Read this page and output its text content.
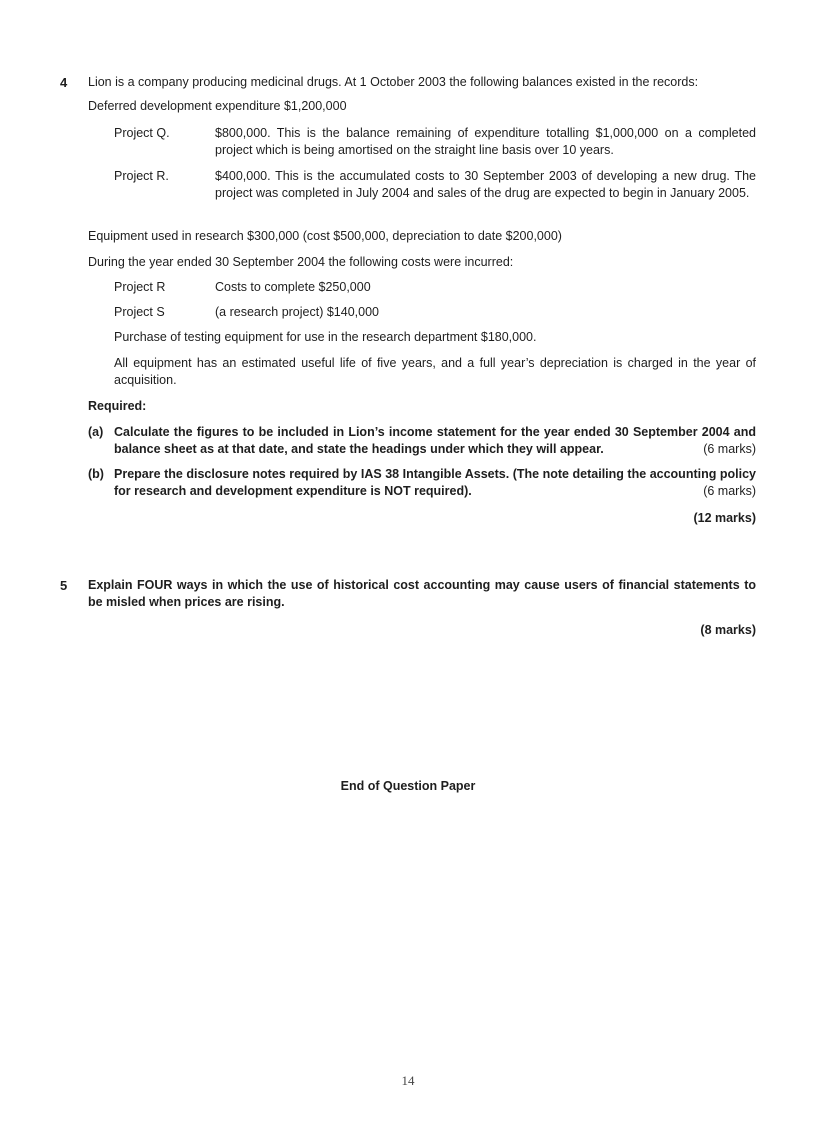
4 Lion is a company producing medicinal drugs. At 1 October 2003 the following balances existed in the records:
Deferred development expenditure $1,200,000
Project Q.	$800,000. This is the balance remaining of expenditure totalling $1,000,000 on a completed project which is being amortised on the straight line basis over 10 years.
Project R.	$400,000. This is the accumulated costs to 30 September 2003 of developing a new drug. The project was completed in July 2004 and sales of the drug are expected to begin in January 2005.
Equipment used in research $300,000 (cost $500,000, depreciation to date $200,000)
During the year ended 30 September 2004 the following costs were incurred:
Project R	Costs to complete $250,000
Project S	(a research project) $140,000
Purchase of testing equipment for use in the research department $180,000.
All equipment has an estimated useful life of five years, and a full year’s depreciation is charged in the year of acquisition.
Required:
(a) Calculate the figures to be included in Lion’s income statement for the year ended 30 September 2004 and balance sheet as at that date, and state the headings under which they will appear.	(6 marks)
(b) Prepare the disclosure notes required by IAS 38 Intangible Assets. (The note detailing the accounting policy for research and development expenditure is NOT required).	(6 marks)
(12 marks)
5 Explain FOUR ways in which the use of historical cost accounting may cause users of financial statements to be misled when prices are rising.
(8 marks)
End of Question Paper
14
